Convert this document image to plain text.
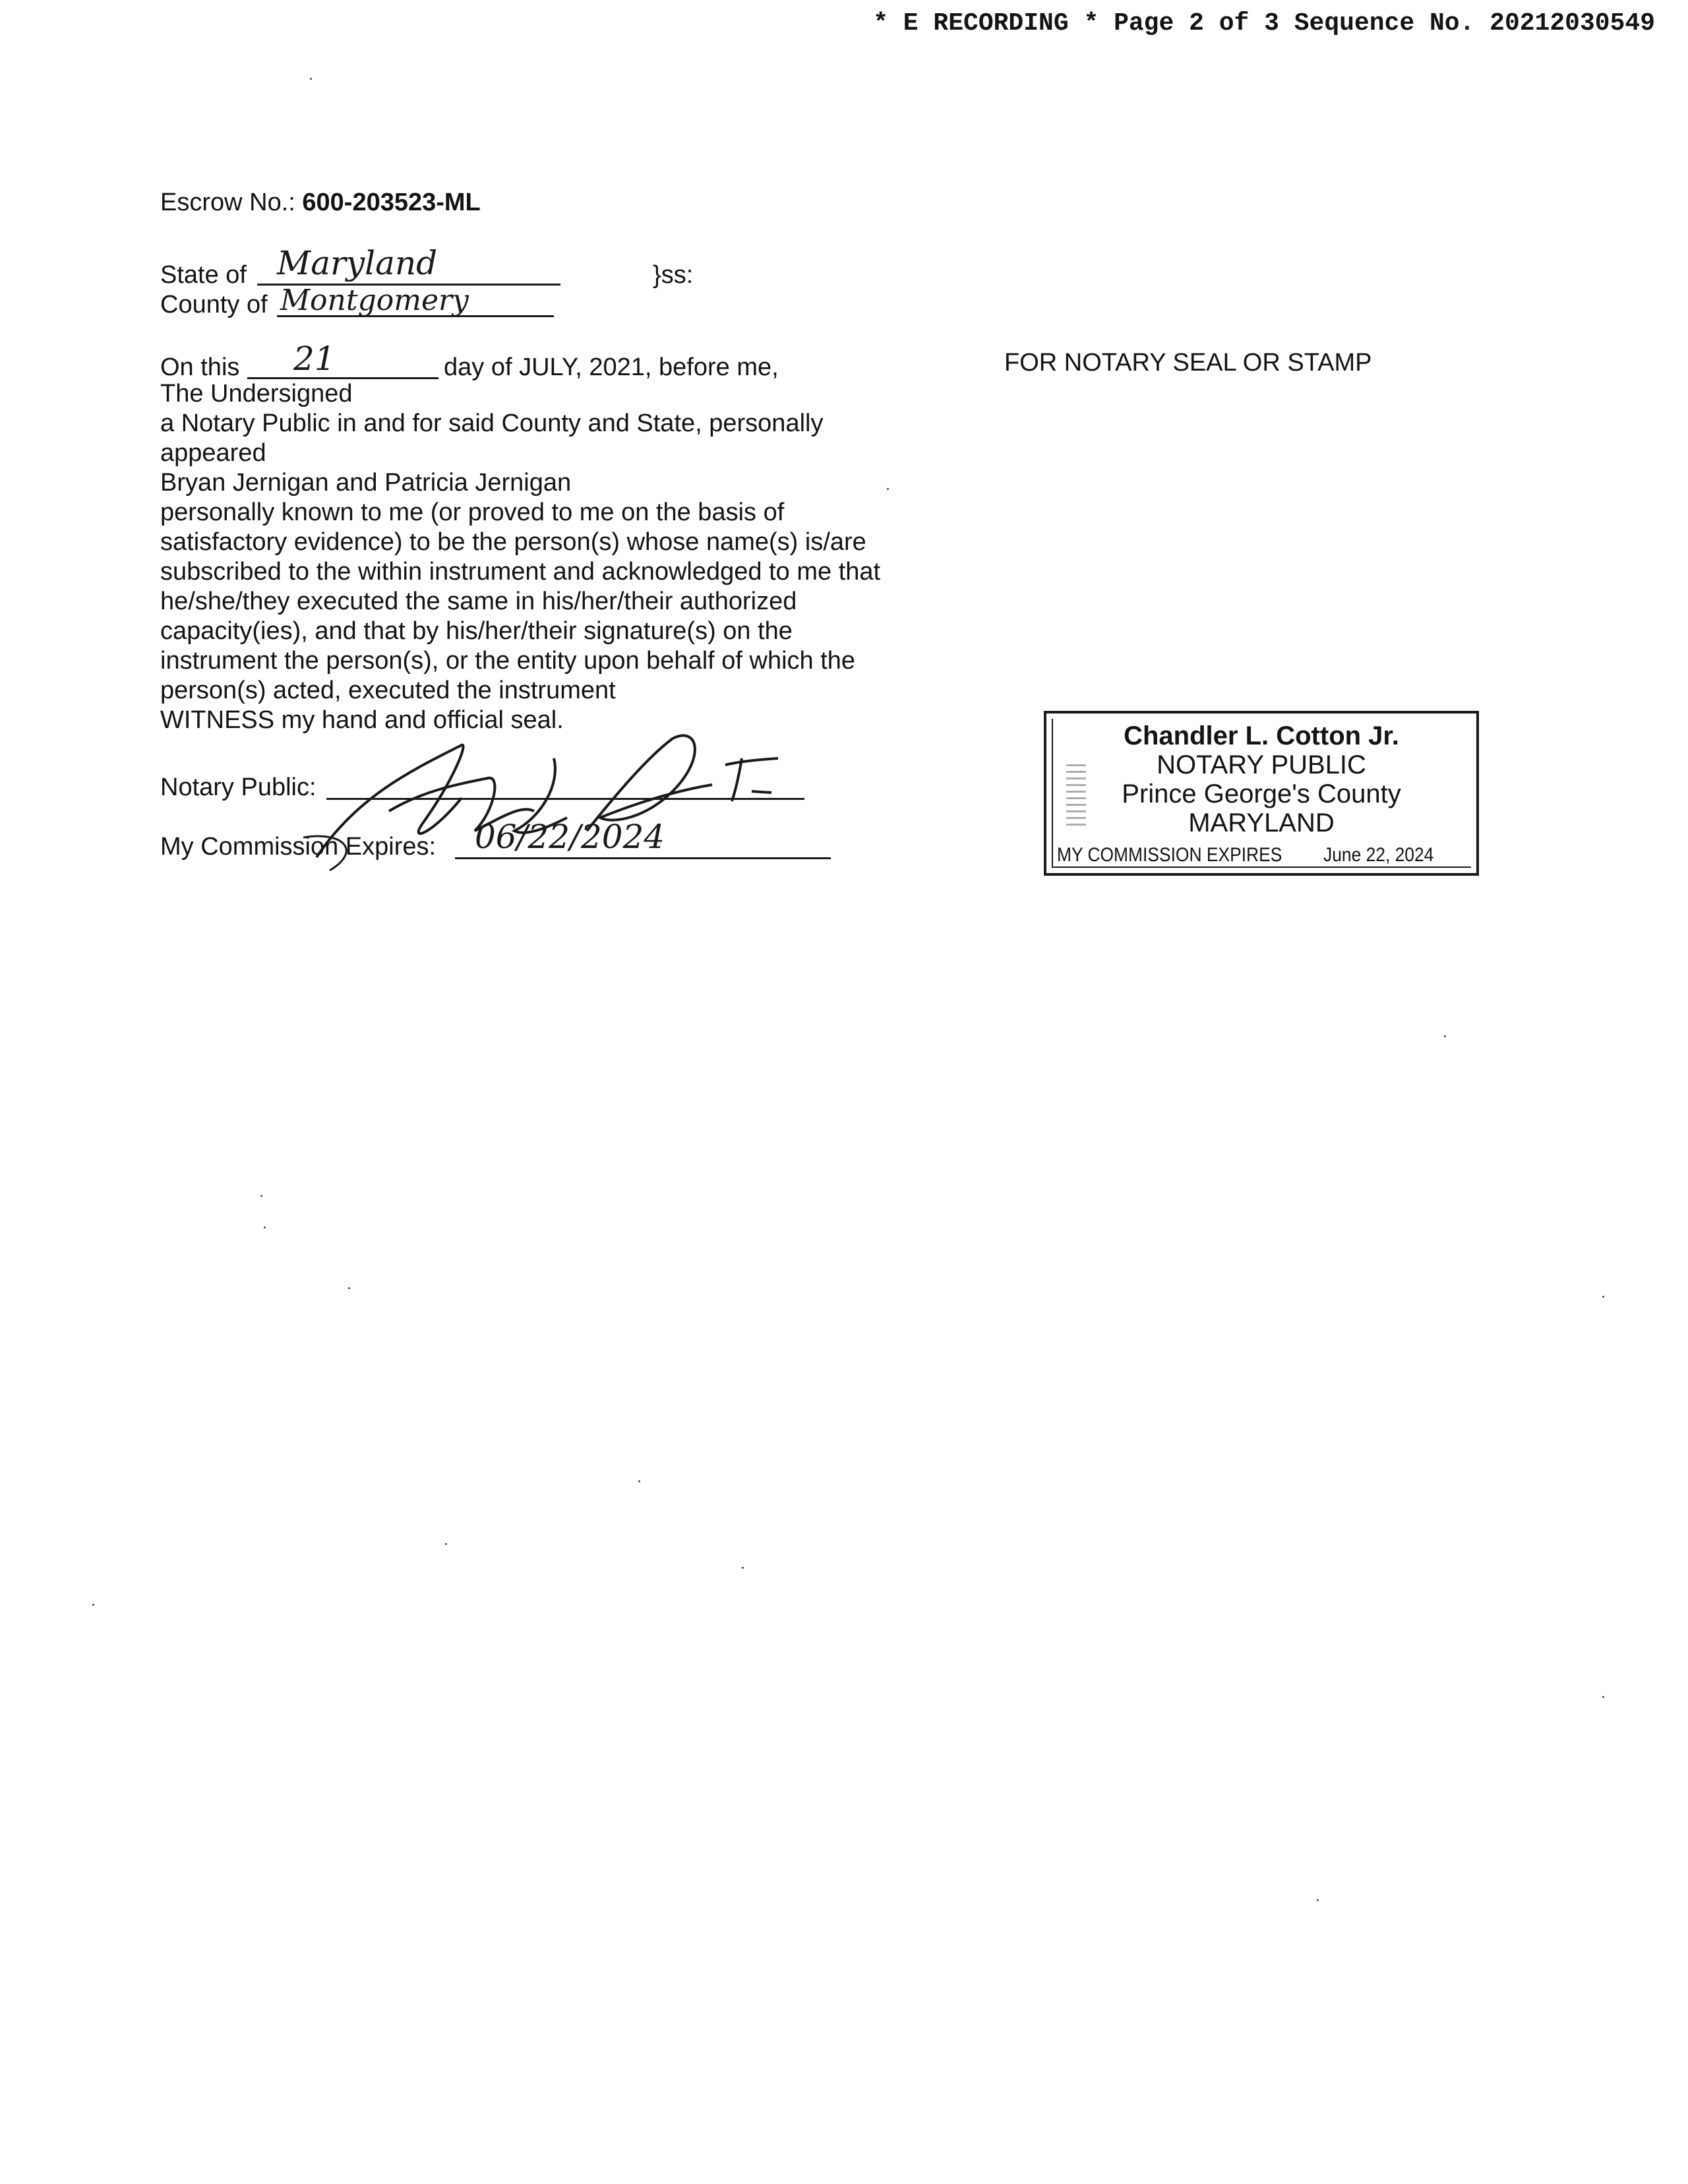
* E RECORDING * Page 2 of 3 Sequence No. 20212030549
Escrow No.: 600-203523-ML
State of Maryland	}ss:
County of Montgomery
On this 21	day of JULY, 2021, before me,	FOR NOTARY SEAL OR STAMP
The Undersigned
a Notary Public in and for said County and State, personally
appeared
Bryan Jernigan and Patricia Jernigan
personally known to me (or proved to me on the basis of
satisfactory evidence) to be the person(s) whose name(s) is/are
subscribed to the within instrument and acknowledged to me that
he/she/they executed the same in his/her/their authorized
capacity(ies), and that by his/her/their signature(s) on the
instrument the person(s), or the entity upon behalf of which the
person(s) acted, executed the instrument
WITNESS my hand and official seal.
Notary Public:
My Commission Expires: 06/22/2024
Chandler L. Cotton Jr.
NOTARY PUBLIC
Prince George's County
MARYLAND
MY COMMISSION EXPIRES June 22, 2024
